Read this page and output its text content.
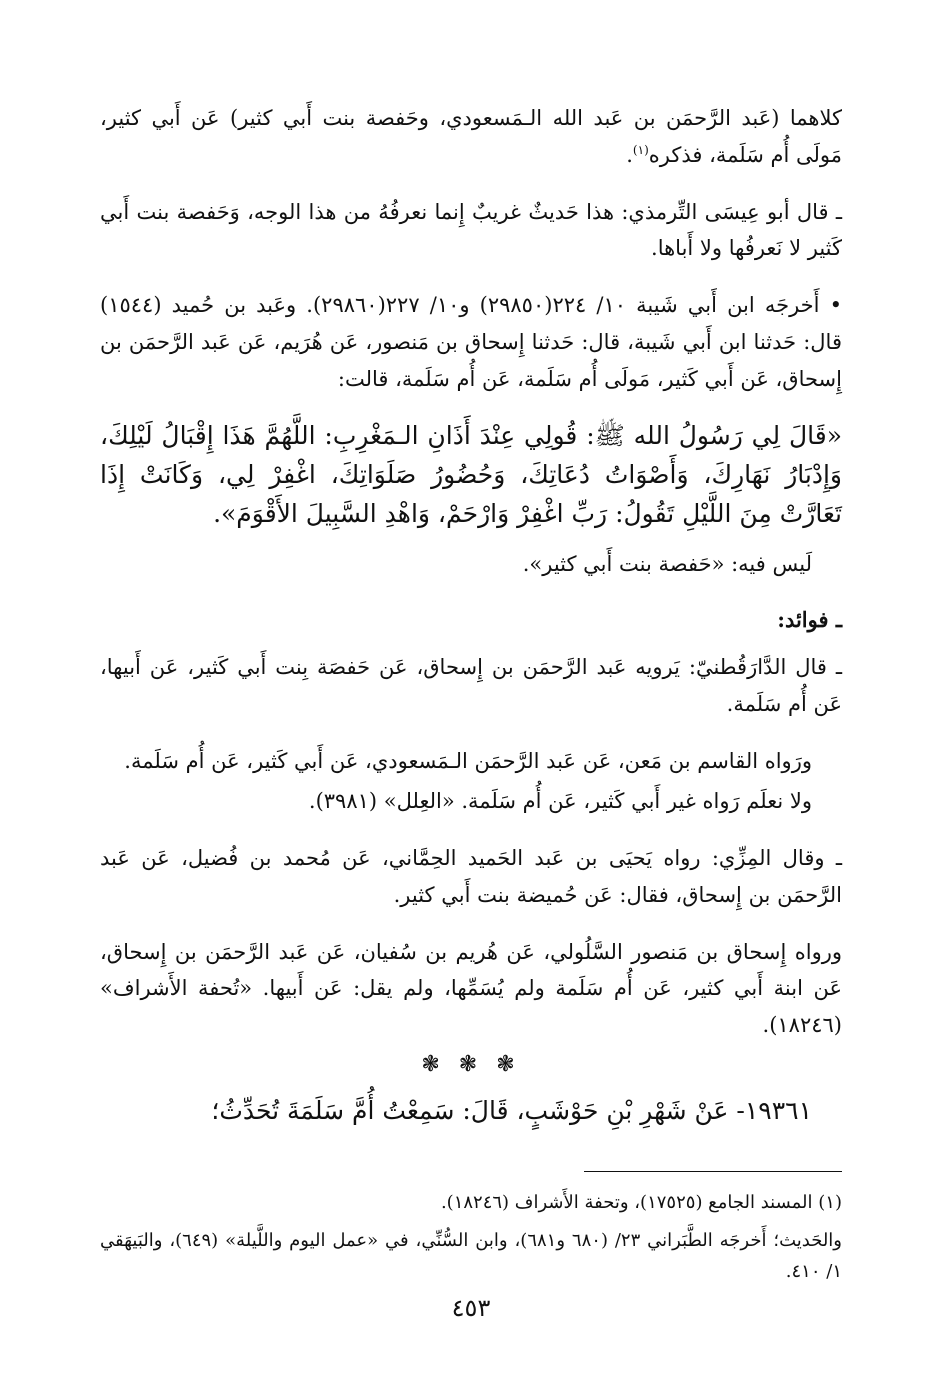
كلاهما (عَبد الرَّحمَن بن عَبد الله الـمَسعودي، وحَفصة بنت أَبي كثير) عَن أَبي كثير، مَولَى أُم سَلَمة، فذكره$^{(١)}$.

ـ قال أبو عِيسَى التِّرمذي: هذا حَديثٌ غريبٌ إِنما نعرفُهُ من هذا الوجه، وَحَفصة بنت أَبي كَثير لا نَعرفُها ولا أَباها.

• أَخرجَه ابن أَبي شَيبة ١٠/ ٢٢٤(٢٩٨٥٠) و١٠/ ٢٢٧(٢٩٨٦٠). وعَبد بن حُميد (١٥٤٤) قال: حَدثنا ابن أَبي شَيبة، قال: حَدثنا إِسحاق بن مَنصور، عَن هُرَيم، عَن عَبد الرَّحمَن بن إِسحاق، عَن أَبي كَثير، مَولَى أُم سَلَمة، عَن أُم سَلَمة، قالت:

«قَالَ لِي رَسُولُ الله ﷺ: قُولِي عِنْدَ أَذَانِ الـمَغْرِبِ: اللَّهُمَّ هَذَا إِقْبَالُ لَيْلِكَ، وَإِدْبَارُ نَهَارِكَ، وَأَصْوَاتُ دُعَاتِكَ، وَحُضُورُ صَلَوَاتِكَ، اغْفِرْ لِي، وَكَانَتْ إِذَا تَعَارَّتْ مِنَ اللَّيْلِ تَقُولُ: رَبِّ اغْفِرْ وَارْحَمْ، وَاهْدِ السَّبِيلَ الأَقْوَمَ».

لَيس فيه: «حَفصة بنت أَبي كثير».

ـ فوائد:

ـ قال الدَّارَقُطنيّ: يَرويه عَبد الرَّحمَن بن إِسحاق، عَن حَفصَة بِنت أَبي كَثير، عَن أَبيها، عَن أُم سَلَمة.

ورَواه القاسم بن مَعن، عَن عَبد الرَّحمَن الـمَسعودي، عَن أَبي كَثير، عَن أُم سَلَمة.

ولا نعلَم رَواه غير أَبي كَثير، عَن أُم سَلَمة. «العِلل» (٣٩٨١).

ـ وقال المِزِّي: رواه يَحيَى بن عَبد الحَميد الحِمَّاني، عَن مُحمد بن فُضيل، عَن عَبد الرَّحمَن بن إِسحاق، فقال: عَن حُميضة بنت أَبي كثير.

ورواه إِسحاق بن مَنصور السَّلُولي، عَن هُريم بن سُفيان، عَن عَبد الرَّحمَن بن إِسحاق، عَن ابنة أَبي كثير، عَن أُم سَلَمة ولم يُسَمِّها، ولم يقل: عَن أَبيها. «تُحفة الأَشراف» (١٨٢٤٦).

❃ ❃ ❃

١٩٣٦١- عَنْ شَهْرِ بْنِ حَوْشَبٍ، قَالَ: سَمِعْتُ أُمَّ سَلَمَةَ تُحَدِّثُ؛

(١) المسند الجامع (١٧٥٢٥)، وتحفة الأَشراف (١٨٢٤٦).

والحَديث؛ أَخرجَه الطَّبَراني ٢٣/ (٦٨٠ و٦٨١)، وابن السُّنِّي، في «عمل اليوم واللَّيلة» (٦٤٩)، والبَيهَقي ١/ ٤١٠.

٤٥٣
